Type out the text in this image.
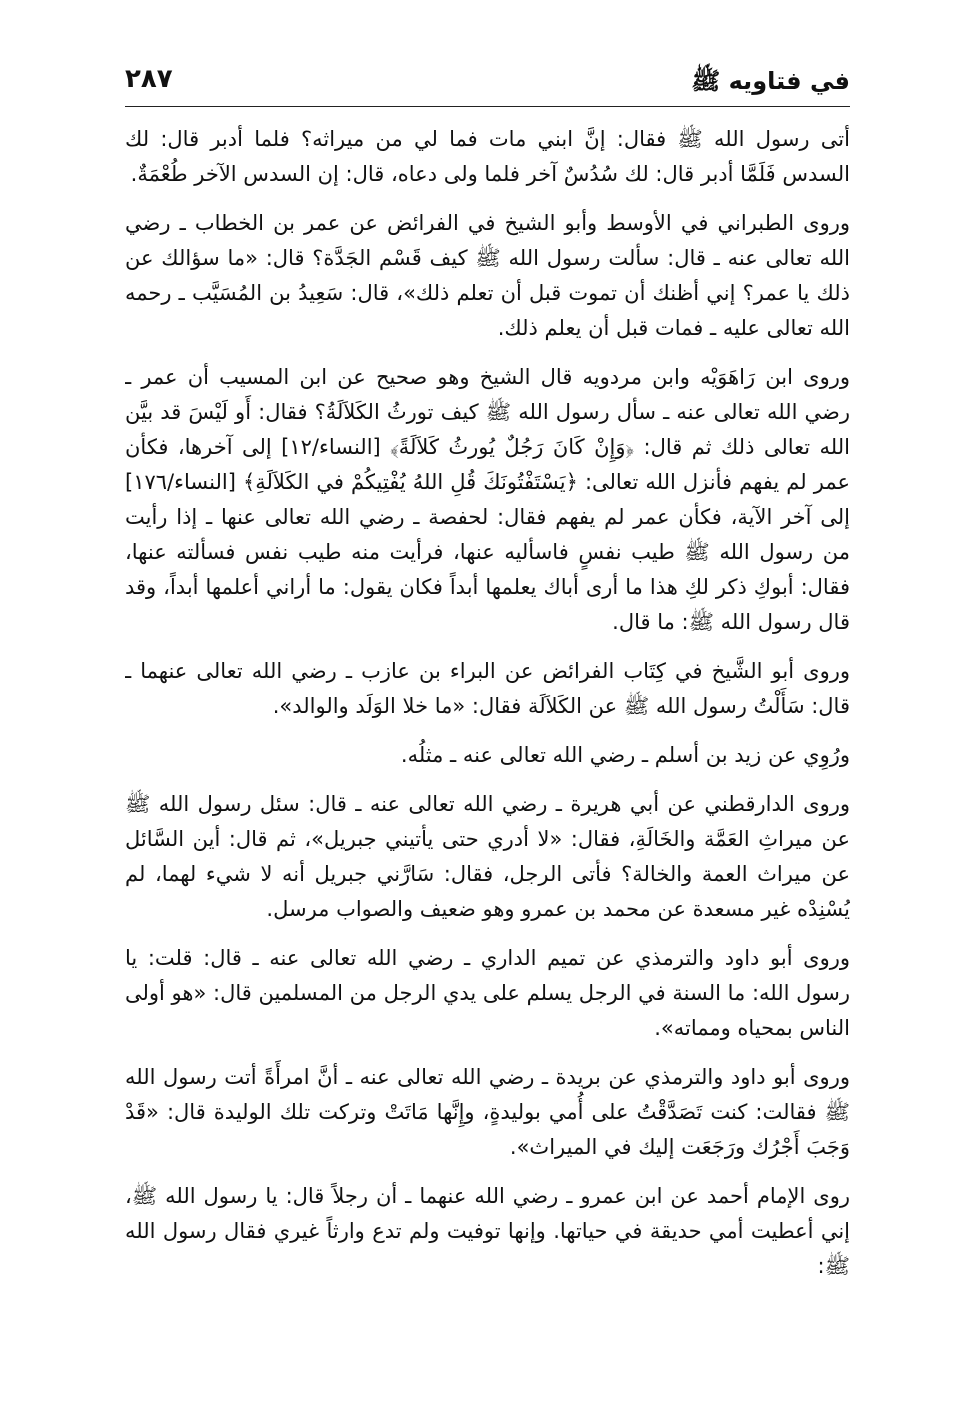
في فتاويه ﷺ
٢٨٧

أتى رسول الله ﷺ فقال: إنَّ ابني مات فما لي من ميراثه؟ فلما أدبر قال: لك السدس فَلَمَّا أدبر قال: لك سُدُسٌ آخر فلما ولى دعاه، قال: إن السدس الآخر طُعْمَةٌ.

وروى الطبراني في الأوسط وأبو الشيخ في الفرائض عن عمر بن الخطاب ـ رضي الله تعالى عنه ـ قال: سألت رسول الله ﷺ كيف قَسْم الجَدَّة؟ قال: «ما سؤالك عن ذلك يا عمر؟ إني أظنك أن تموت قبل أن تعلم ذلك»، قال: سَعِيدُ بن المُسَيَّب ـ رحمه الله تعالى عليه ـ فمات قبل أن يعلم ذلك.

وروى ابن رَاهَوَيْه وابن مردويه قال الشيخ وهو صحيح عن ابن المسيب أن عمر ـ رضي الله تعالى عنه ـ سأل رسول الله ﷺ كيف تورثُ الكَلاَلَةُ؟ فقال: أَو لَيْسَ قد بيَّن الله تعالى ذلك ثم قال: ﴿وَإِنْ كَانَ رَجُلٌ يُورثُ كَلاَلَةً﴾ [النساء/١٢] إلى آخرها، فكأن عمر لم يفهم فأنزل الله تعالى: ﴿يَسْتَفْتُونَكَ قُلِ اللهُ يُفْتِيكُمْ في الكَلاَلَةِ﴾ [النساء/١٧٦] إلى آخر الآية، فكأن عمر لم يفهم فقال: لحفصة ـ رضي الله تعالى عنها ـ إذا رأيت من رسول الله ﷺ طيب نفسٍ فاسأليه عنها، فرأيت منه طيب نفس فسألته عنها، فقال: أبوكِ ذكر لكِ هذا ما أرى أباك يعلمها أبداً فكان يقول: ما أراني أعلمها أبداً، وقد قال رسول الله ﷺ: ما قال.

وروى أبو الشَّيخ في كِتَاب الفرائض عن البراء بن عازب ـ رضي الله تعالى عنهما ـ قال: سَأَلْتُ رسول الله ﷺ عن الكَلاَلَة فقال: «ما خلا الوَلَد والوالد».

ورُوِي عن زيد بن أسلم ـ رضي الله تعالى عنه ـ مثلُه.

وروى الدارقطني عن أبي هريرة ـ رضي الله تعالى عنه ـ قال: سئل رسول الله ﷺ عن ميراثِ العَمَّة والخَالَةِ، فقال: «لا أدري حتى يأتيني جبريل»، ثم قال: أين السَّائل عن ميراث العمة والخالة؟ فأتى الرجل، فقال: سَارَّني جبريل أنه لا شيء لهما، لم يُسْنِدْه غير مسعدة عن محمد بن عمرو وهو ضعيف والصواب مرسل.

وروى أبو داود والترمذي عن تميم الداري ـ رضي الله تعالى عنه ـ قال: قلت: يا رسول الله: ما السنة في الرجل يسلم على يدي الرجل من المسلمين قال: «هو أولى الناس بمحياه ومماته».

وروى أبو داود والترمذي عن بريدة ـ رضي الله تعالى عنه ـ أنَّ امرأَةً أتت رسول الله ﷺ فقالت: كنت تَصَدَّقْتُ على أُمي بوليدةٍ، وإِنَّها مَاتَتْ وتركت تلك الوليدة قال: «قَدْ وَجَبَ أَجْرُك ورَجَعَت إليك في الميراث».

روى الإمام أحمد عن ابن عمرو ـ رضي الله عنهما ـ أن رجلاً قال: يا رسول الله ﷺ، إني أعطيت أمي حديقة في حياتها. وإنها توفيت ولم تدع وارثاً غيري فقال رسول الله ﷺ:
